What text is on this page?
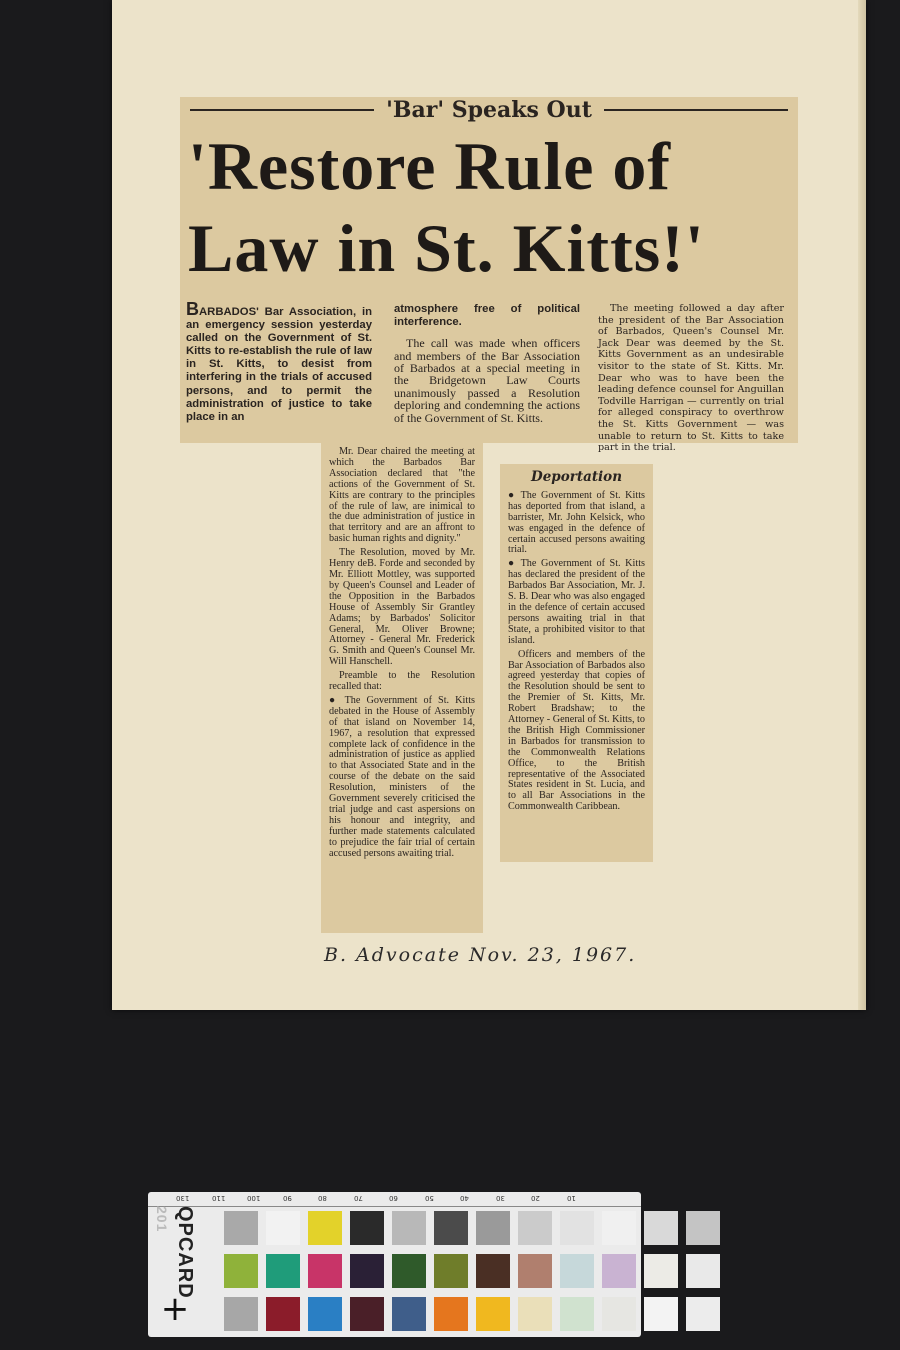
'Bar' Speaks Out
'Restore Rule of Law in St. Kitts!'
BARBADOS' Bar Association, in an emergency session yesterday called on the Government of St. Kitts to re-establish the rule of law in St. Kitts, to desist from interfering in the trials of accused persons, and to permit the administration of justice to take place in an
atmosphere free of political interference.
The call was made when officers and members of the Bar Association of Barbados at a special meeting in the Bridgetown Law Courts unanimously passed a Resolution deploring and condemning the actions of the Government of St. Kitts.
The meeting followed a day after the president of the Bar Association of Barbados, Queen's Counsel Mr. Jack Dear was deemed by the St. Kitts Government as an undesirable visitor to the state of St. Kitts. Mr. Dear who was to have been the leading defence counsel for Anguillan Todville Harrigan — currently on trial for alleged conspiracy to overthrow the St. Kitts Government — was unable to return to St. Kitts to take part in the trial.

Mr. Dear chaired the meeting at which the Barbados Bar Association declared that "the actions of the Government of St. Kitts are contrary to the principles of the rule of law, are inimical to the due administration of justice in that territory and are an affront to basic human rights and dignity."

The Resolution, moved by Mr. Henry deB. Forde and seconded by Mr. Elliott Mottley, was supported by Queen's Counsel and Leader of the Opposition in the Barbados House of Assembly Sir Grantley Adams; by Barbados' Solicitor General, Mr. Oliver Browne; Attorney - General Mr. Frederick G. Smith and Queen's Counsel Mr. Will Hanschell.

Preamble to the Resolution recalled that:

● The Government of St. Kitts debated in the House of Assembly of that island on November 14, 1967, a resolution that expressed complete lack of confidence in the administration of justice as applied to that Associated State and in the course of the debate on the said Resolution, ministers of the Government severely criticised the trial judge and cast aspersions on his honour and integrity, and further made statements calculated to prejudice the fair trial of certain accused persons awaiting trial.

Deportation

● The Government of St. Kitts has deported from that island, a barrister, Mr. John Kelsick, who was engaged in the defence of certain accused persons awaiting trial.

● The Government of St. Kitts has declared the president of the Barbados Bar Association, Mr. J. S. B. Dear who was also engaged in the defence of certain accused persons awaiting trial in that State, a prohibited visitor to that island.

Officers and members of the Bar Association of Barbados also agreed yesterday that copies of the Resolution should be sent to the Premier of St. Kitts, Mr. Robert Bradshaw; to the Attorney - General of St. Kitts, to the British High Commissioner in Barbados for transmission to the Commonwealth Relations Office, to the British representative of the Associated States resident in St. Lucia, and to all Bar Associations in the Commonwealth Caribbean.

B. Advocate Nov. 23, 1967.
130	110	100	90	80	70	60	50	40	30	20	10
QPCARD 201
+
